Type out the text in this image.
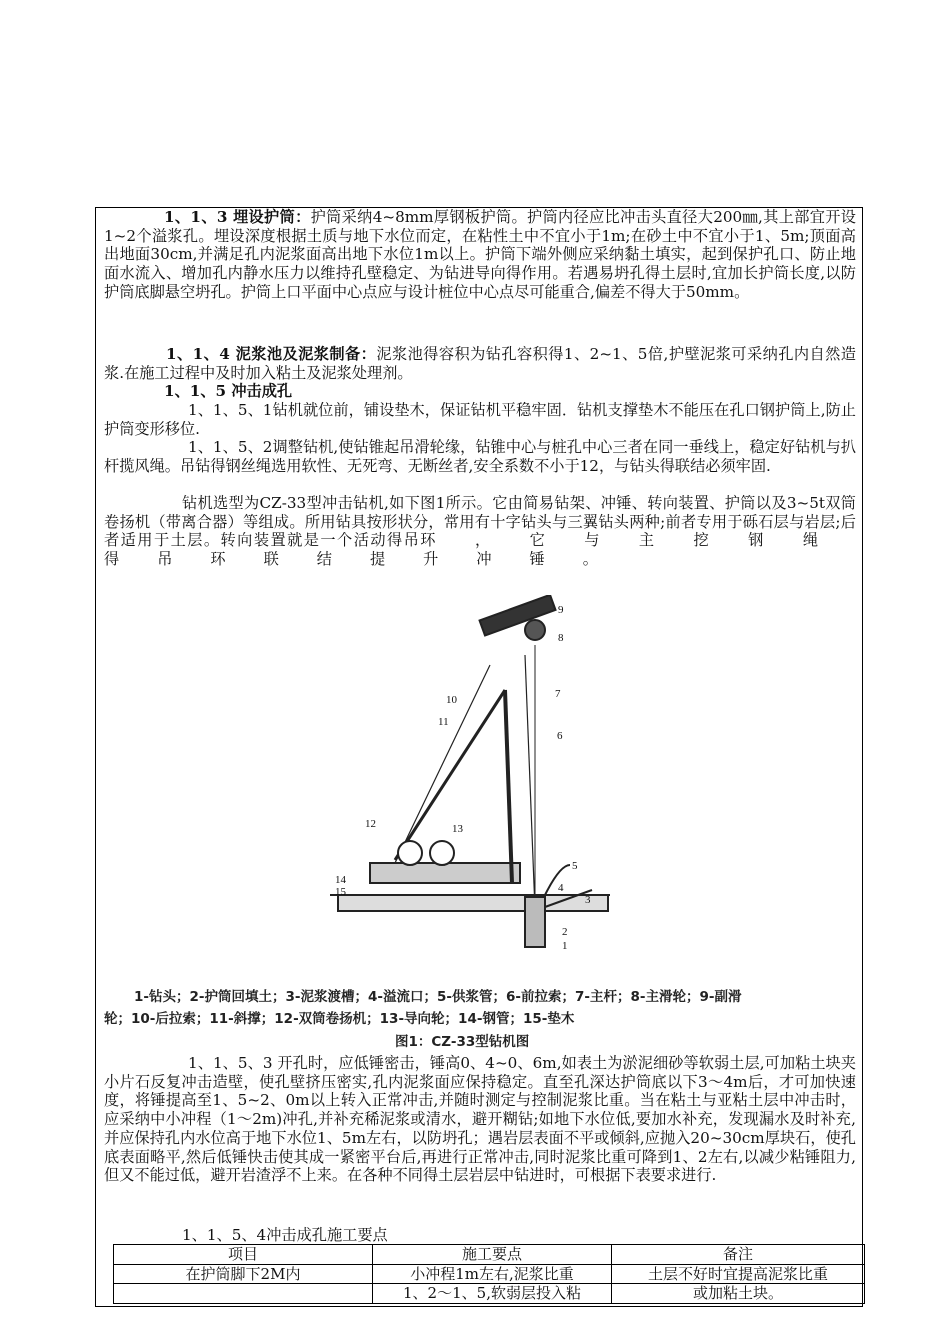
1、1、3 埋设护筒：护筒采纳4~8mm厚钢板护筒。护筒内径应比冲击头直径大200㎜,其上部宜开设1~2个溢浆孔。埋设深度根据土质与地下水位而定，在粘性土中不宜小于1m;在砂土中不宜小于1、5m;顶面高出地面30cm,并满足孔内泥浆面高出地下水位1m以上。护筒下端外侧应采纳黏土填实，起到保护孔口、防止地面水流入、增加孔内静水压力以维持孔壁稳定、为钻进导向得作用。若遇易坍孔得土层时,宜加长护筒长度,以防护筒底脚悬空坍孔。护筒上口平面中心点应与设计桩位中心点尽可能重合,偏差不得大于50mm。
1、1、4 泥浆池及泥浆制备：泥浆池得容积为钻孔容积得1、2~1、5倍,护壁泥浆可采纳孔内自然造浆.在施工过程中及时加入粘土及泥浆处理剂。
1、1、5 冲击成孔
1、1、5、1钻机就位前，铺设垫木，保证钻机平稳牢固．钻机支撑垫木不能压在孔口钢护筒上,防止护筒变形移位.
1、1、5、2调整钻机,使钻锥起吊滑轮缘，钻锥中心与桩孔中心三者在同一垂线上，稳定好钻机与扒杆揽风绳。吊钻得钢丝绳选用软性、无死弯、无断丝者,安全系数不小于12，与钻头得联结必须牢固.
钻机选型为CZ-33型冲击钻机,如下图1所示。它由简易钻架、冲锤、转向装置、护筒以及3~5t双筒卷扬机（带离合器）等组成。所用钻具按形状分，常用有十字钻头与三翼钻头两种;前者专用于砾石层与岩层;后者适用于土层。转向装置就是一个活动得吊环，它与主挖钢绳得吊环联结提升冲锤。
9
8
7
10
11
6
12	13
5
14
15	4
3
2
1
1-钻头；2-护筒回填土；3-泥浆渡槽；4-溢流口；5-供浆管；6-前拉索；7-主杆；8-主滑轮；9-副滑
轮；10-后拉索；11-斜撑；12-双筒卷扬机；13-导向轮；14-钢管；15-垫木
图1：CZ-33型钻机图
1、1、5、3 开孔时，应低锤密击，锤高0、4~0、6m,如表土为淤泥细砂等软弱土层,可加粘土块夹小片石反复冲击造壁，使孔壁挤压密实,孔内泥浆面应保持稳定。直至孔深达护筒底以下3～4m后，才可加快速度，将锤提高至1、5~2、0m以上转入正常冲击,并随时测定与控制泥浆比重。当在粘土与亚粘土层中冲击时，应采纳中小冲程（1～2m)冲孔,并补充稀泥浆或清水，避开糊钻;如地下水位低,要加水补充，发现漏水及时补充,并应保持孔内水位高于地下水位1、5m左右，以防坍孔；遇岩层表面不平或倾斜,应抛入20~30cm厚块石，使孔底表面略平,然后低锤快击使其成一紧密平台后,再进行正常冲击,同时泥浆比重可降到1、2左右,以减少粘锤阻力,但又不能过低，避开岩渣浮不上来。在各种不同得土层岩层中钻进时，可根据下表要求进行.
1、1、5、4冲击成孔施工要点
项目	施工要点	备注
在护筒脚下2M内	小冲程1m左右,泥浆比重	土层不好时宜提高泥浆比重
	1、2～1、5,软弱层投入粘	或加粘土块。
